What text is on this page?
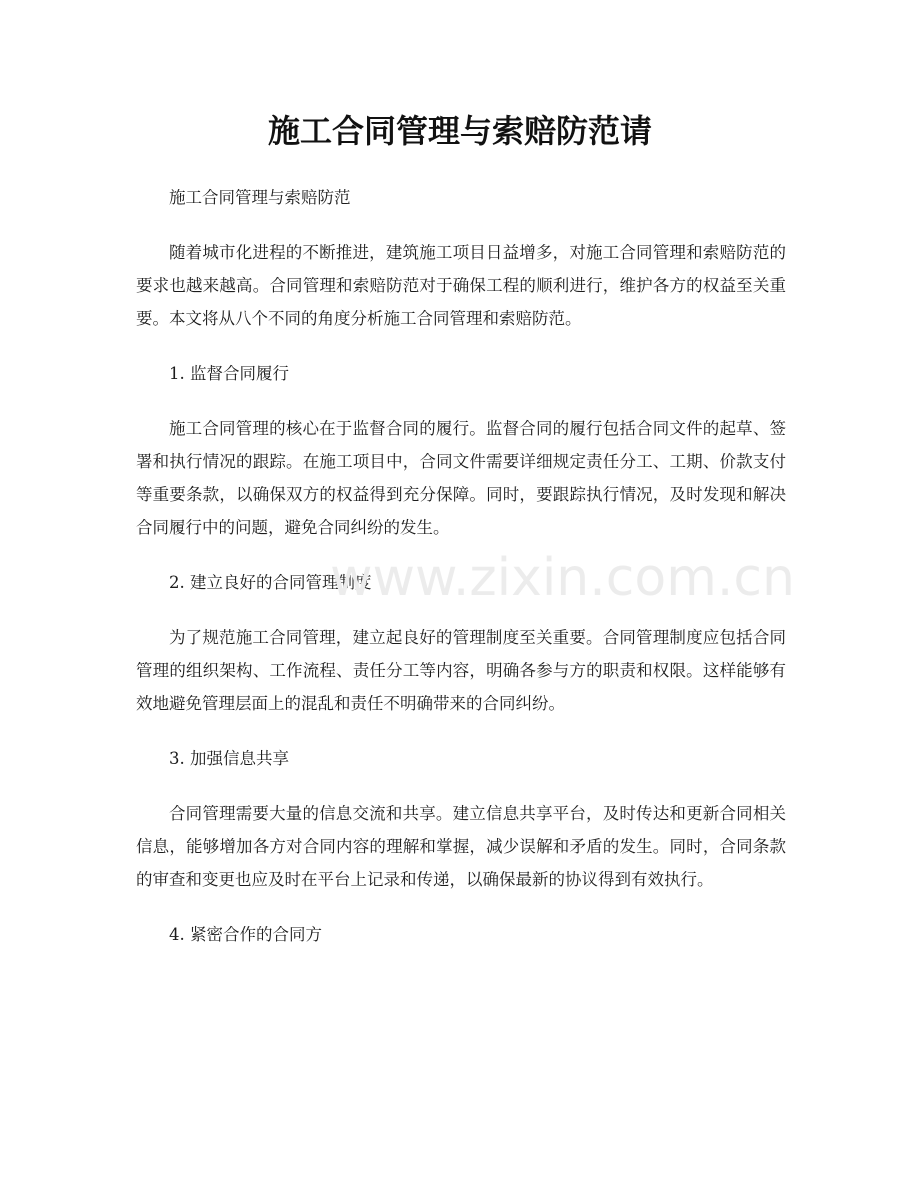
施工合同管理与索赔防范请

施工合同管理与索赔防范

随着城市化进程的不断推进，建筑施工项目日益增多，对施工合同管理和索赔防范的要求也越来越高。合同管理和索赔防范对于确保工程的顺利进行，维护各方的权益至关重要。本文将从八个不同的角度分析施工合同管理和索赔防范。

1. 监督合同履行

施工合同管理的核心在于监督合同的履行。监督合同的履行包括合同文件的起草、签署和执行情况的跟踪。在施工项目中，合同文件需要详细规定责任分工、工期、价款支付等重要条款，以确保双方的权益得到充分保障。同时，要跟踪执行情况，及时发现和解决合同履行中的问题，避免合同纠纷的发生。

2. 建立良好的合同管理制度

为了规范施工合同管理，建立起良好的管理制度至关重要。合同管理制度应包括合同管理的组织架构、工作流程、责任分工等内容，明确各参与方的职责和权限。这样能够有效地避免管理层面上的混乱和责任不明确带来的合同纠纷。

3. 加强信息共享

合同管理需要大量的信息交流和共享。建立信息共享平台，及时传达和更新合同相关信息，能够增加各方对合同内容的理解和掌握，减少误解和矛盾的发生。同时，合同条款的审查和变更也应及时在平台上记录和传递，以确保最新的协议得到有效执行。

4. 紧密合作的合同方

www.zixin.com.cn
